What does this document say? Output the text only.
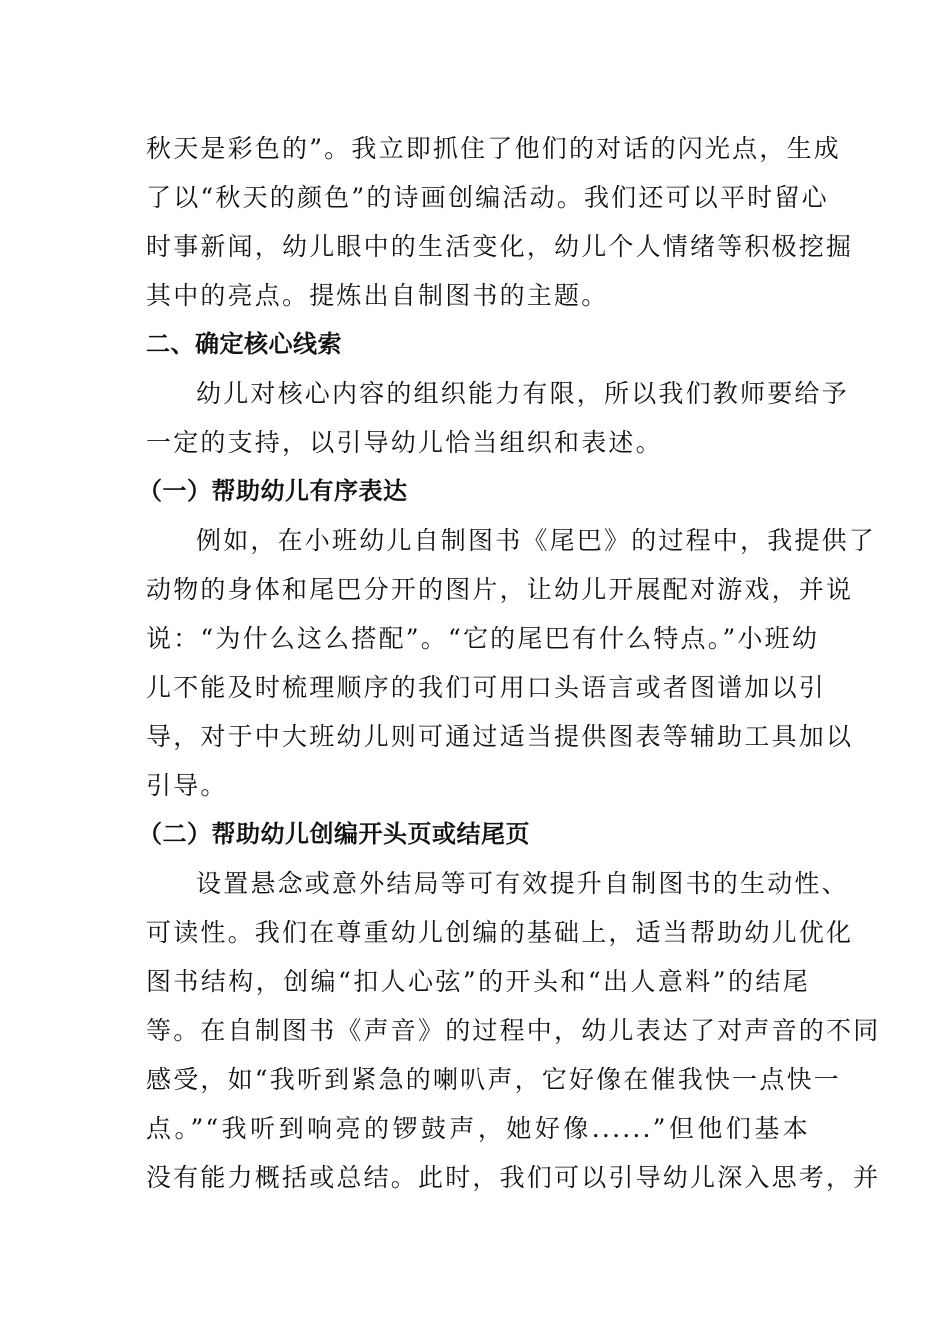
秋天是彩色的”。我立即抓住了他们的对话的闪光点，生成
了以“秋天的颜色”的诗画创编活动。我们还可以平时留心
时事新闻，幼儿眼中的生活变化，幼儿个人情绪等积极挖掘
其中的亮点。提炼出自制图书的主题。
二、确定核心线索
幼儿对核心内容的组织能力有限，所以我们教师要给予
一定的支持，以引导幼儿恰当组织和表述。
（一）帮助幼儿有序表达
例如，在小班幼儿自制图书《尾巴》的过程中，我提供了
动物的身体和尾巴分开的图片，让幼儿开展配对游戏，并说
说：“为什么这么搭配”。“它的尾巴有什么特点。”小班幼
儿不能及时梳理顺序的我们可用口头语言或者图谱加以引
导，对于中大班幼儿则可通过适当提供图表等辅助工具加以
引导。
（二）帮助幼儿创编开头页或结尾页
设置悬念或意外结局等可有效提升自制图书的生动性、
可读性。我们在尊重幼儿创编的基础上，适当帮助幼儿优化
图书结构，创编“扣人心弦”的开头和“出人意料”的结尾
等。在自制图书《声音》的过程中，幼儿表达了对声音的不同
感受，如“我听到紧急的喇叭声，它好像在催我快一点快一
点。”“我听到响亮的锣鼓声，她好像......”但他们基本
没有能力概括或总结。此时，我们可以引导幼儿深入思考，并
